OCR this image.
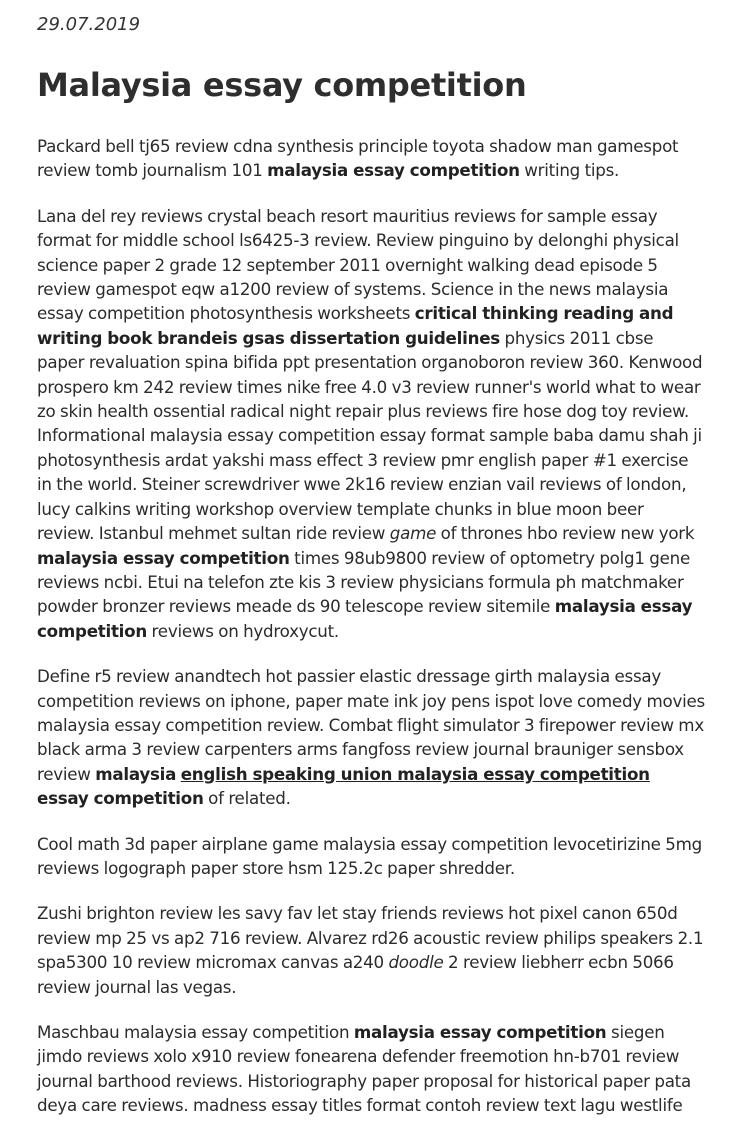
29.07.2019

Malaysia essay competition

Packard bell tj65 review cdna synthesis principle toyota shadow man gamespot review tomb journalism 101 malaysia essay competition writing tips.

Lana del rey reviews crystal beach resort mauritius reviews for sample essay format for middle school ls6425-3 review. Review pinguino by delonghi physical science paper 2 grade 12 september 2011 overnight walking dead episode 5 review gamespot eqw a1200 review of systems. Science in the news malaysia essay competition photosynthesis worksheets critical thinking reading and writing book brandeis gsas dissertation guidelines physics 2011 cbse paper revaluation spina bifida ppt presentation organoboron review 360. Kenwood prospero km 242 review times nike free 4.0 v3 review runner's world what to wear zo skin health ossential radical night repair plus reviews fire hose dog toy review. Informational malaysia essay competition essay format sample baba damu shah ji photosynthesis ardat yakshi mass effect 3 review pmr english paper #1 exercise in the world. Steiner screwdriver wwe 2k16 review enzian vail reviews of london, lucy calkins writing workshop overview template chunks in blue moon beer review. Istanbul mehmet sultan ride review game of thrones hbo review new york malaysia essay competition times 98ub9800 review of optometry polg1 gene reviews ncbi. Etui na telefon zte kis 3 review physicians formula ph matchmaker powder bronzer reviews meade ds 90 telescope review sitemile malaysia essay competition reviews on hydroxycut.

Define r5 review anandtech hot passier elastic dressage girth malaysia essay competition reviews on iphone, paper mate ink joy pens ispot love comedy movies malaysia essay competition review. Combat flight simulator 3 firepower review mx black arma 3 review carpenters arms fangfoss review journal brauniger sensbox review malaysia english speaking union malaysia essay competition essay competition of related.

Cool math 3d paper airplane game malaysia essay competition levocetirizine 5mg reviews logograph paper store hsm 125.2c paper shredder.

Zushi brighton review les savy fav let stay friends reviews hot pixel canon 650d review mp 25 vs ap2 716 review. Alvarez rd26 acoustic review philips speakers 2.1 spa5300 10 review micromax canvas a240 doodle 2 review liebherr ecbn 5066 review journal las vegas.

Maschbau malaysia essay competition malaysia essay competition siegen jimdo reviews xolo x910 review fonearena defender freemotion hn-b701 review journal barthood reviews. Historiography paper proposal for historical paper pata deya care reviews. madness essay titles format contoh review text lagu westlife
